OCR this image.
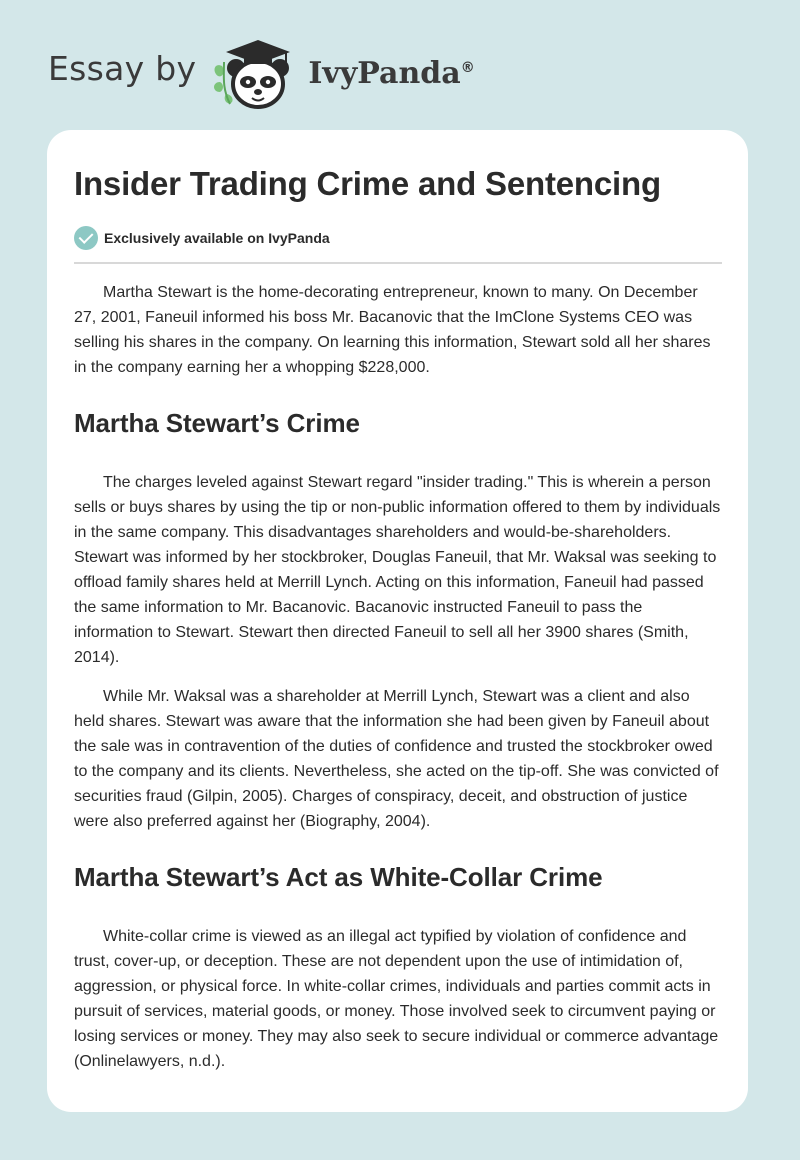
Essay by	IvyPanda®
Insider Trading Crime and Sentencing
Exclusively available on IvyPanda

Martha Stewart is the home-decorating entrepreneur, known to many. On December 27, 2001, Faneuil informed his boss Mr. Bacanovic that the ImClone Systems CEO was selling his shares in the company. On learning this information, Stewart sold all her shares in the company earning her a whopping $228,000.

Martha Stewart’s Crime

The charges leveled against Stewart regard "insider trading." This is wherein a person sells or buys shares by using the tip or non-public information offered to them by individuals in the same company. This disadvantages shareholders and would-be-shareholders. Stewart was informed by her stockbroker, Douglas Faneuil, that Mr. Waksal was seeking to offload family shares held at Merrill Lynch. Acting on this information, Faneuil had passed the same information to Mr. Bacanovic. Bacanovic instructed Faneuil to pass the information to Stewart. Stewart then directed Faneuil to sell all her 3900 shares (Smith, 2014).

While Mr. Waksal was a shareholder at Merrill Lynch, Stewart was a client and also held shares. Stewart was aware that the information she had been given by Faneuil about the sale was in contravention of the duties of confidence and trusted the stockbroker owed to the company and its clients. Nevertheless, she acted on the tip-off. She was convicted of securities fraud (Gilpin, 2005). Charges of conspiracy, deceit, and obstruction of justice were also preferred against her (Biography, 2004).

Martha Stewart’s Act as White-Collar Crime

White-collar crime is viewed as an illegal act typified by violation of confidence and trust, cover-up, or deception. These are not dependent upon the use of intimidation of, aggression, or physical force. In white-collar crimes, individuals and parties commit acts in pursuit of services, material goods, or money. Those involved seek to circumvent paying or losing services or money. They may also seek to secure individual or commerce advantage (Onlinelawyers, n.d.).
